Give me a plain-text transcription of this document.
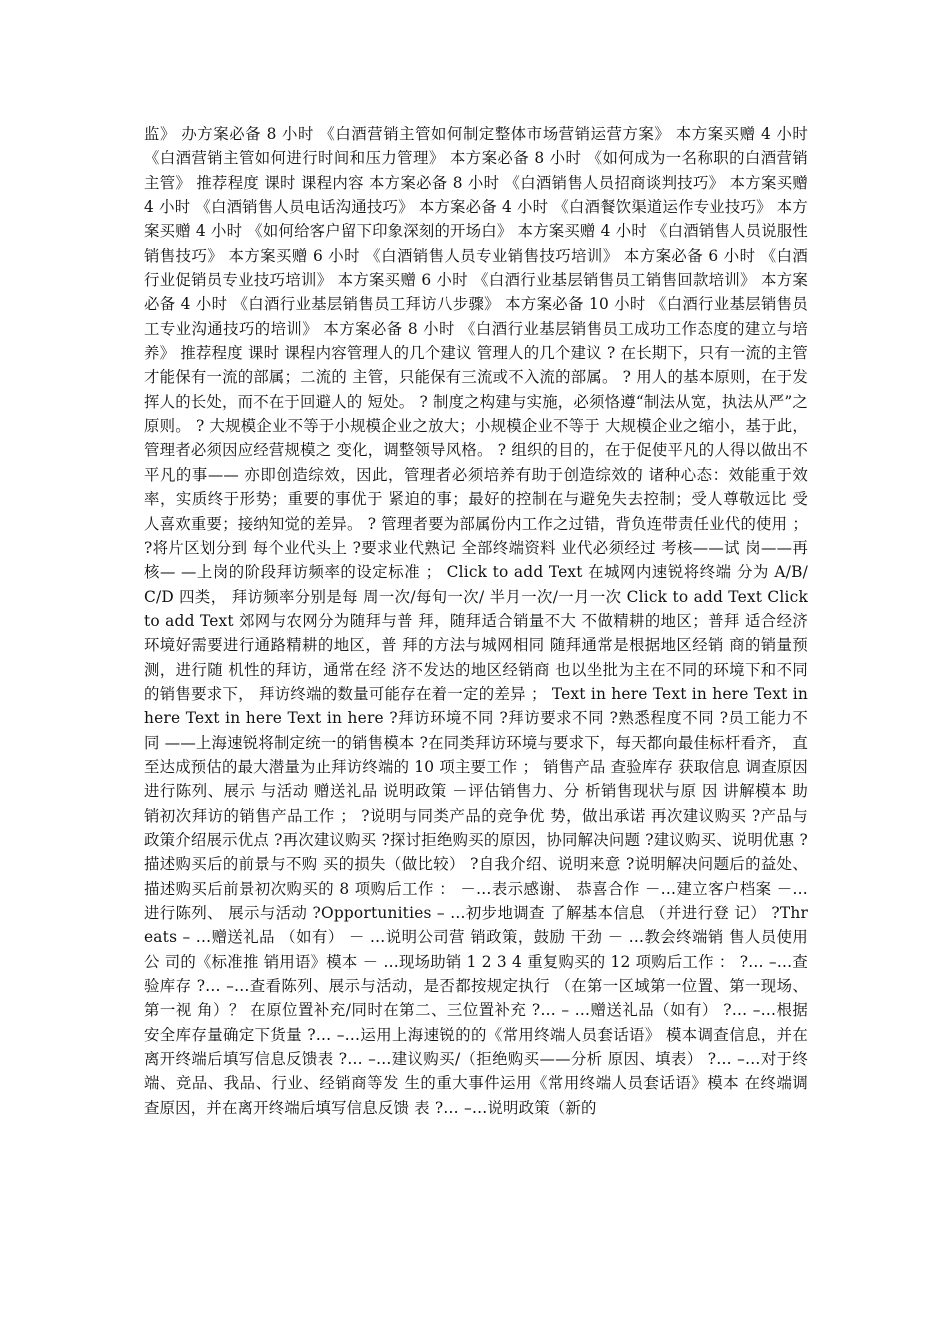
监》 办方案必备 8 小时 《白酒营销主管如何制定整体市场营销运营方案》 本方案买赠 4 小时 《白酒营销主管如何进行时间和压力管理》 本方案必备 8 小时 《如何成为一名称职的白酒营销主管》 推荐程度 课时 课程内容 本方案必备 8 小时 《白酒销售人员招商谈判技巧》 本方案买赠 4 小时 《白酒销售人员电话沟通技巧》 本方案必备 4 小时 《白酒餐饮渠道运作专业技巧》 本方案买赠 4 小时 《如何给客户留下印象深刻的开场白》 本方案买赠 4 小时 《白酒销售人员说服性销售技巧》 本方案买赠 6 小时 《白酒销售人员专业销售技巧培训》 本方案必备 6 小时 《白酒行业促销员专业技巧培训》 本方案买赠 6 小时 《白酒行业基层销售员工销售回款培训》 本方案必备 4 小时 《白酒行业基层销售员工拜访八步骤》 本方案必备 10 小时 《白酒行业基层销售员工专业沟通技巧的培训》 本方案必备 8 小时 《白酒行业基层销售员工成功工作态度的建立与培养》 推荐程度 课时 课程内容管理人的几个建议 管理人的几个建议 ? 在长期下，只有一流的主管才能保有一流的部属；二流的 主管，只能保有三流或不入流的部属。 ? 用人的基本原则，在于发挥人的长处，而不在于回避人的 短处。 ? 制度之构建与实施，必须恪遵“制法从宽，执法从严”之 原则。 ? 大规模企业不等于小规模企业之放大；小规模企业不等于 大规模企业之缩小，基于此，管理者必须因应经营规模之 变化，调整领导风格。 ? 组织的目的，在于促使平凡的人得以做出不平凡的事—— 亦即创造综效，因此，管理者必须培养有助于创造综效的 诸种心态：效能重于效率，实质终于形势；重要的事优于 紧迫的事；最好的控制在与避免失去控制；受人尊敬远比 受人喜欢重要；接纳知觉的差异。 ? 管理者要为部属份内工作之过错，背负连带责任业代的使用 ； ?将片区划分到 每个业代头上 ?要求业代熟记 全部终端资料 业代必须经过 考核——试 岗——再核— —上岗的阶段拜访频率的设定标准 ； Click to add Text 在城网内速锐将终端 分为 A/B/C/D 四类， 拜访频率分别是每 周一次/每旬一次/ 半月一次/一月一次 Click to add Text Click to add Text 郊网与农网分为随拜与普 拜，随拜适合销量不大 不做精耕的地区；普拜 适合经济环境好需要进行通路精耕的地区，普 拜的方法与城网相同 随拜通常是根据地区经销 商的销量预测，进行随 机性的拜访，通常在经 济不发达的地区经销商 也以坐批为主在不同的环境下和不同的销售要求下， 拜访终端的数量可能存在着一定的差异 ； Text in here Text in here Text in here Text in here Text in here ?拜访环境不同 ?拜访要求不同 ?熟悉程度不同 ?员工能力不同 ——上海速锐将制定统一的销售模本 ?在同类拜访环境与要求下，每天都向最佳标杆看齐， 直至达成预估的最大潜量为止拜访终端的 10 项主要工作 ； 销售产品 查验库存 获取信息 调查原因 进行陈列、展示 与活动 赠送礼品 说明政策 －评估销售力、分 析销售现状与原 因 讲解模本 助销初次拜访的销售产品工作 ； ?说明与同类产品的竞争优 势，做出承诺 再次建议购买 ?产品与政策介绍展示优点 ?再次建议购买 ?探讨拒绝购买的原因，协同解决问题 ?建议购买、说明优惠 ?描述购买后的前景与不购 买的损失（做比较） ?自我介绍、说明来意 ?说明解决问题后的益处、 描述购买后前景初次购买的 8 项购后工作 ： －…表示感谢、 恭喜合作 －…建立客户档案 －…进行陈列、 展示与活动 ?Opportunities – …初步地调查 了解基本信息 （并进行登 记） ?Threats – …赠送礼品 （如有） － …说明公司营 销政策，鼓励 干劲 － …教会终端销 售人员使用公 司的《标准推 销用语》模本 － …现场助销 1 2 3 4 重复购买的 12 项购后工作 ： ?… –…查验库存 ?… –…查看陈列、展示与活动，是否都按规定执行 （在第一区域第一位置、第一现场、第一视 角）？ 在原位置补充/同时在第二、三位置补充 ?… – …赠送礼品（如有） ?… –…根据安全库存量确定下货量 ?… –…运用上海速锐的的《常用终端人员套话语》 模本调查信息，并在离开终端后填写信息反馈表 ?… –…建议购买/（拒绝购买——分析 原因、填表） ?… –…对于终端、竞品、我品、行业、经销商等发 生的重大事件运用《常用终端人员套话语》模本 在终端调查原因，并在离开终端后填写信息反馈 表 ?… –…说明政策（新的
